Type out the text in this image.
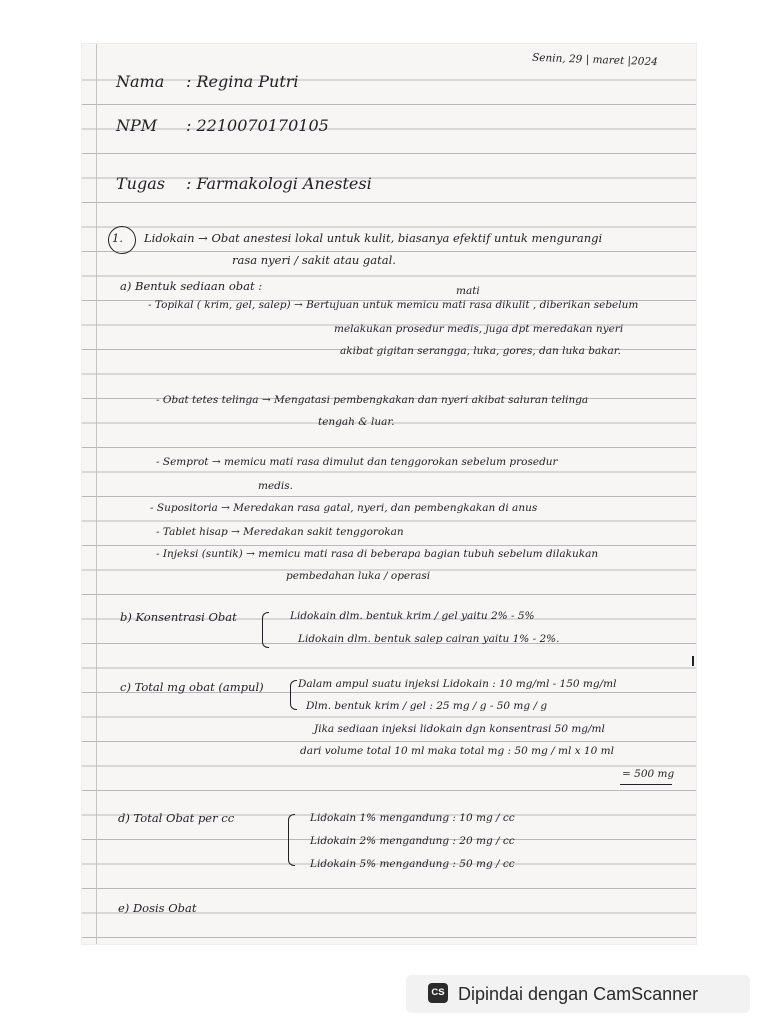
Senin, 29 | maret |2024
Nama : Regina Putri
NPM : 2210070170105
Tugas : Farmakologi Anestesi
1. Lidokain → Obat anestesi lokal untuk kulit, biasanya efektif untuk mengurangi
rasa nyeri / sakit atau gatal.
a) Bentuk sediaan obat :	mati
- Topikal ( krim, gel, salep) → Bertujuan untuk memicu mati rasa dikulit , diberikan sebelum
melakukan prosedur medis, juga dpt meredakan nyeri
akibat gigitan serangga, luka, gores, dan luka bakar.
- Obat tetes telinga → Mengatasi pembengkakan dan nyeri akibat saluran telinga
tengah & luar.
- Semprot → memicu mati rasa dimulut dan tenggorokan sebelum prosedur
medis.
- Supositoria → Meredakan rasa gatal, nyeri, dan pembengkakan di anus
- Tablet hisap → Meredakan sakit tenggorokan
- Injeksi (suntik) → memicu mati rasa di beberapa bagian tubuh sebelum dilakukan
pembedahan luka / operasi
b) Konsentrasi Obat	Lidokain dlm. bentuk krim / gel yaitu 2% - 5%
Lidokain dlm. bentuk salep cairan yaitu 1% - 2%.
c) Total mg obat (ampul)	Dalam ampul suatu injeksi Lidokain : 10 mg/ml - 150 mg/ml
Dlm. bentuk krim / gel : 25 mg / g - 50 mg / g
Jika sediaan injeksi lidokain dgn konsentrasi 50 mg/ml
dari volume total 10 ml maka total mg : 50 mg / ml x 10 ml
= 500 mg
d) Total Obat per cc	Lidokain 1% mengandung : 10 mg / cc
Lidokain 2% mengandung : 20 mg / cc
Lidokain 5% mengandung : 50 mg / cc
e) Dosis Obat
CS Dipindai dengan CamScanner
